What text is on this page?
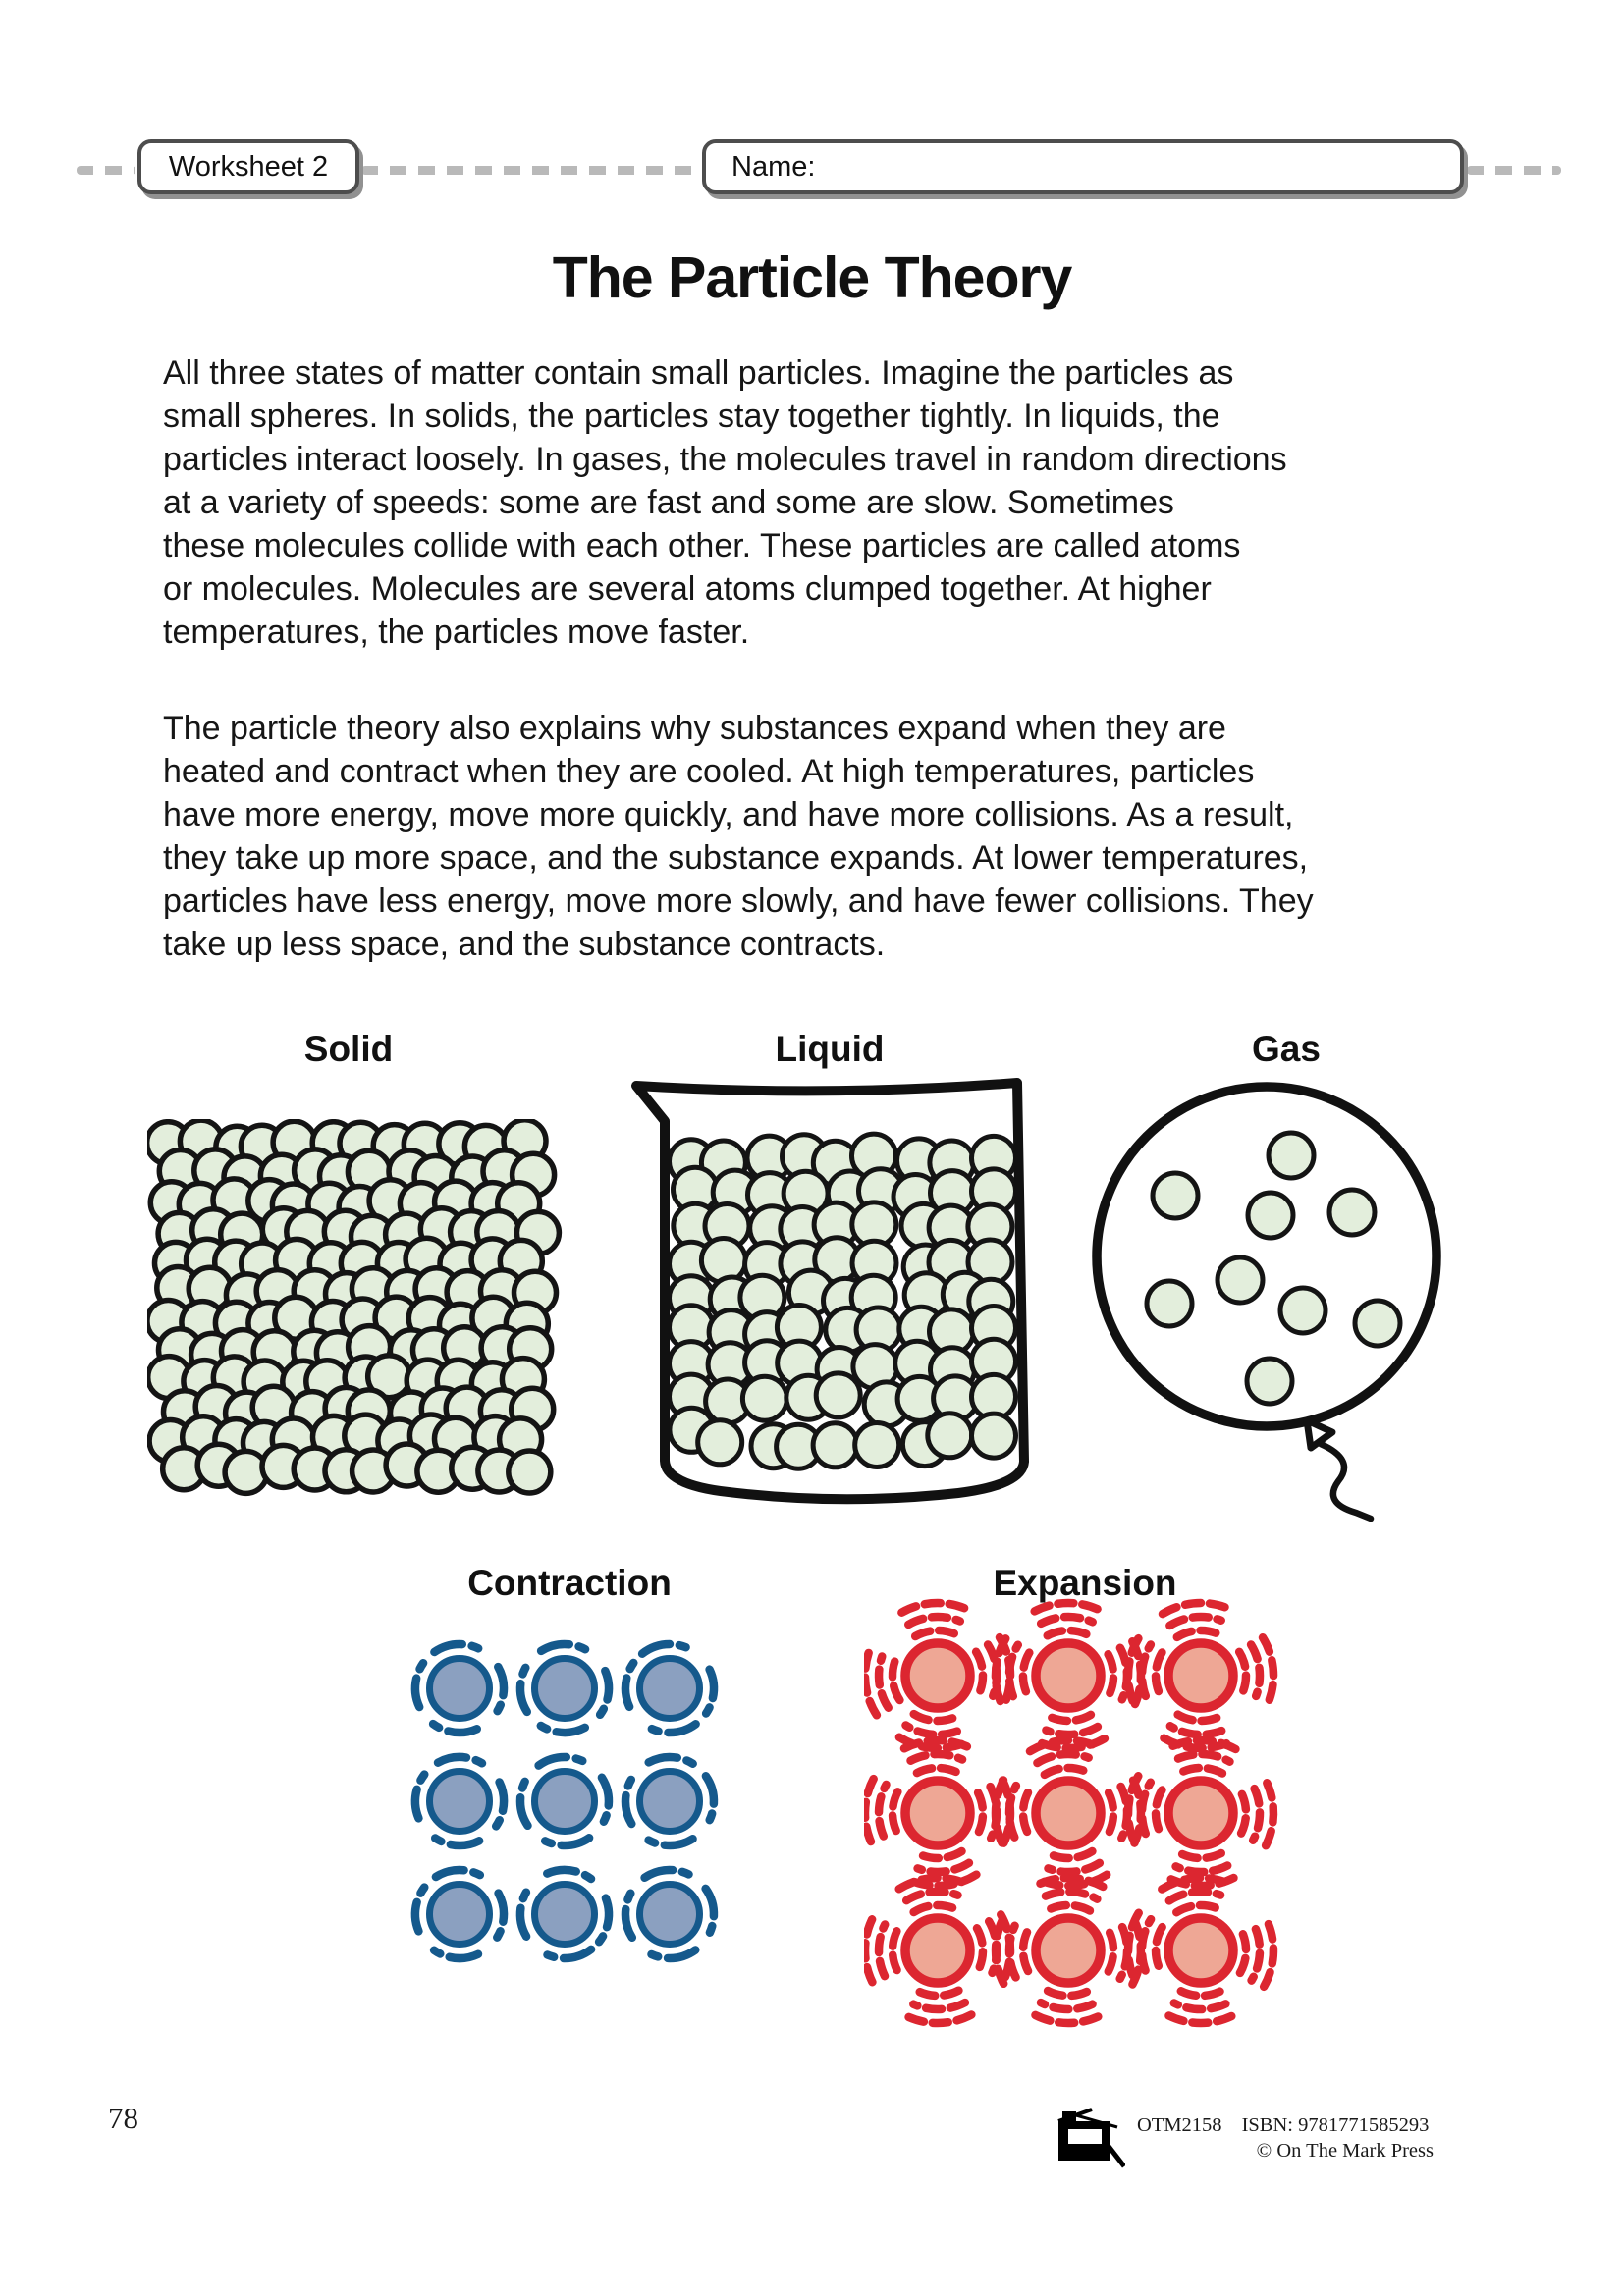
Worksheet 2	Name:
The Particle Theory
All three states of matter contain small particles. Imagine the particles as
small spheres. In solids, the particles stay together tightly. In liquids, the
particles interact loosely. In gases, the molecules travel in random directions
at a variety of speeds: some are fast and some are slow. Sometimes
these molecules collide with each other. These particles are called atoms
or molecules. Molecules are several atoms clumped together. At higher
temperatures, the particles move faster.
The particle theory also explains why substances expand when they are
heated and contract when they are cooled. At high temperatures, particles
have more energy, move more quickly, and have more collisions. As a result,
they take up more space, and the substance expands. At lower temperatures,
particles have less energy, move more slowly, and have fewer collisions. They
take up less space, and the substance contracts.
Solid	Liquid	Gas
Contraction	Expansion
78	OTM2158 ISBN: 9781771585293
© On The Mark Press
